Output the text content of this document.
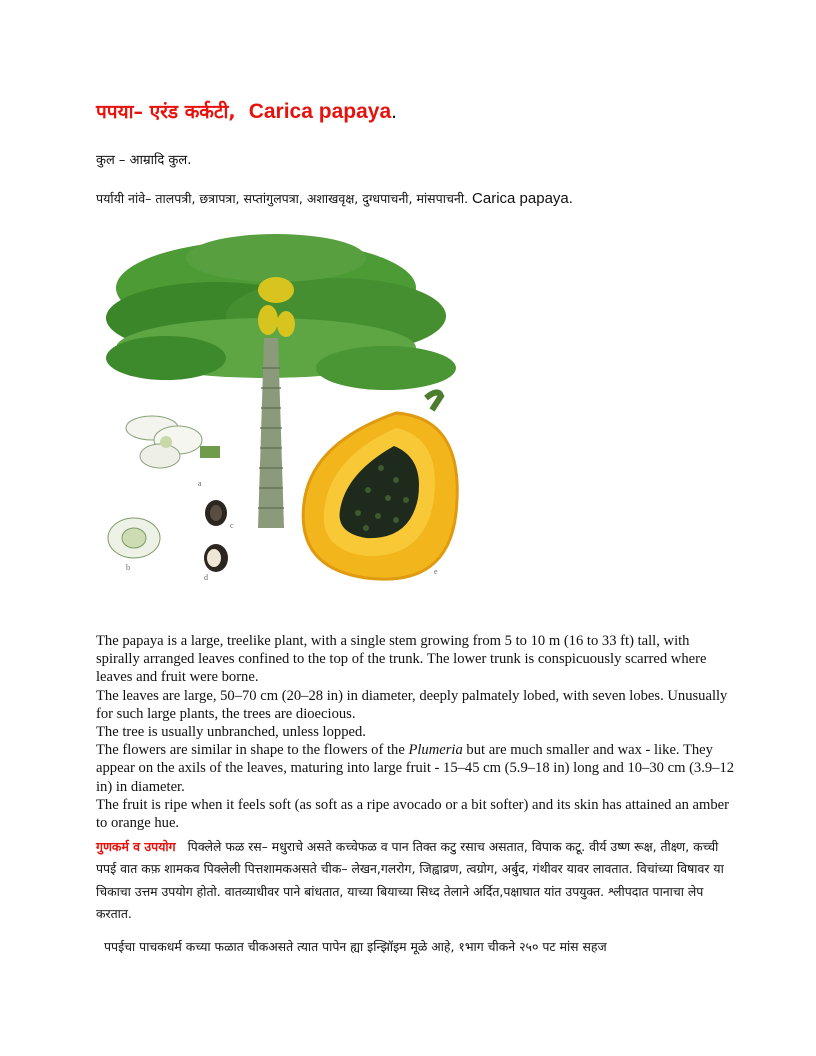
पपया– एरंड कर्कटी, Carica papaya.
कुल – आम्रादि कुल.
पर्यायी नांवे– तालपत्री, छत्रापत्रा, सप्तांगुलपत्रा, अशाखवृक्ष, दुग्धपाचनी, मांसपाचनी. Carica papaya.
a
b
c
d
e

The papaya is a large, treelike plant, with a single stem growing from 5 to 10 m (16 to 33 ft) tall, with spirally arranged leaves confined to the top of the trunk. The lower trunk is conspicuously scarred where leaves and fruit were borne.

The leaves are large, 50–70 cm (20–28 in) in diameter, deeply palmately lobed, with seven lobes. Unusually for such large plants, the trees are dioecious.

The tree is usually unbranched, unless lopped.

The flowers are similar in shape to the flowers of the Plumeria but are much smaller and wax - like. They appear on the axils of the leaves, maturing into large fruit - 15–45 cm (5.9–18 in) long and 10–30 cm (3.9–12 in) in diameter.

The fruit is ripe when it feels soft (as soft as a ripe avocado or a bit softer) and its skin has attained an amber to orange hue.

गुणकर्म व उपयोग पिक्लेले फळ रस– मधुराचे असते कच्चेफळ व पान तिक्त कटु रसाच असतात, विपाक कटू. वीर्य उष्ण रूक्ष, तीक्ष्ण, कच्ची पपई वात कफ़ शामकव पिक्लेली पित्तशामकअसते चीक– लेखन,गलरोग, जिह्वाव्रण, त्वग्रोग, अर्बुद, गंथीवर यावर लावतात. विचांच्या विषावर या चिकाचा उत्तम उपयोग होतो. वातव्याधीवर पाने बांधतात, याच्या बियाच्या सिध्द तेलाने अर्दित,पक्षाघात यांत उपयुक्त. श्लीपदात पानाचा लेप करतात.
पपईचा पाचकधर्म कच्या फळात चीकअसते त्यात पापेन ह्या इन्झिॉइम मूळे आहे, १भाग चीकने २५० पट मांस सहज
